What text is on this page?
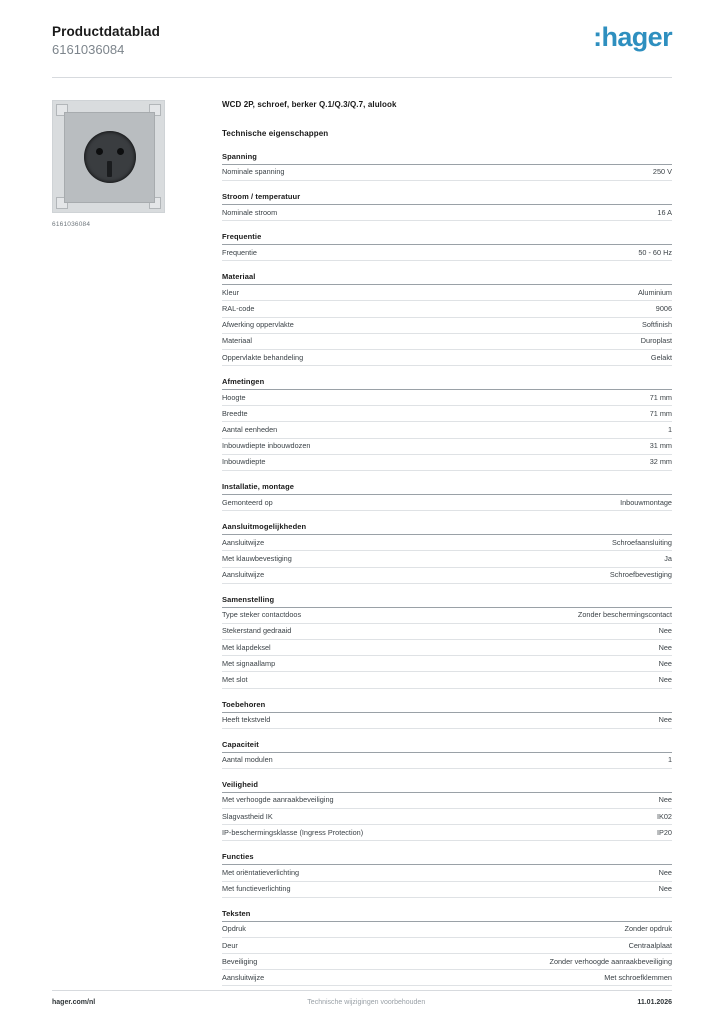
Productdatablad
6161036084	:hager
6161036084
WCD 2P, schroef, berker Q.1/Q.3/Q.7, alulook
Technische eigenschappen
Spanning
Nominale spanning	250 V
Stroom / temperatuur
Nominale stroom	16 A
Frequentie
Frequentie	50 - 60 Hz
Materiaal
Kleur	Aluminium
RAL-code	9006
Afwerking oppervlakte	Softfinish
Materiaal	Duroplast
Oppervlakte behandeling	Gelakt
Afmetingen
Hoogte	71 mm
Breedte	71 mm
Aantal eenheden	1
Inbouwdiepte inbouwdozen	31 mm
Inbouwdiepte	32 mm
Installatie, montage
Gemonteerd op	Inbouwmontage
Aansluitmogelijkheden
Aansluitwijze	Schroefaansluiting
Met klauwbevestiging	Ja
Aansluitwijze	Schroefbevestiging
Samenstelling
Type steker contactdoos	Zonder beschermingscontact
Stekerstand gedraaid	Nee
Met klapdeksel	Nee
Met signaallamp	Nee
Met slot	Nee
Toebehoren
Heeft tekstveld	Nee
Capaciteit
Aantal modulen	1
Veiligheid
Met verhoogde aanraakbeveiliging	Nee
Slagvastheid IK	IK02
IP-beschermingsklasse (Ingress Protection)	IP20
Functies
Met oriëntatieverlichting	Nee
Met functieverlichting	Nee
Teksten
Opdruk	Zonder opdruk
Deur	Centraalplaat
Beveiliging	Zonder verhoogde aanraakbeveiliging
Aansluitwijze	Met schroefklemmen
hager.com/nl	Technische wijzigingen voorbehouden	11.01.2026
